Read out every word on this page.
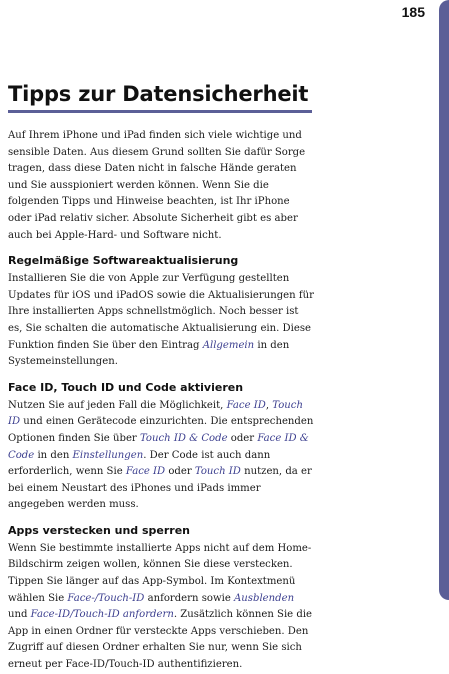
185
Tipps zur Datensicherheit

Auf Ihrem iPhone und iPad finden sich viele wichtige und sensible Daten. Aus diesem Grund sollten Sie dafür Sorge tragen, dass diese Daten nicht in falsche Hände geraten und Sie ausspioniert werden können. Wenn Sie die folgenden Tipps und Hinweise beachten, ist Ihr iPhone oder iPad relativ sicher. Absolute Sicherheit gibt es aber auch bei Apple-Hard- und Software nicht.

Regelmäßige Softwareaktualisierung

Installieren Sie die von Apple zur Verfügung gestellten Updates für iOS und iPadOS sowie die Aktualisierungen für Ihre installierten Apps schnellstmöglich. Noch besser ist es, Sie schalten die automatische Aktualisierung ein. Diese Funktion finden Sie über den Eintrag Allgemein in den Systemeinstellungen.

Face ID, Touch ID und Code aktivieren

Nutzen Sie auf jeden Fall die Möglichkeit, Face ID, Touch ID und einen Gerätecode einzurichten. Die entsprechenden Optionen finden Sie über Touch ID & Code oder Face ID & Code in den Einstellungen. Der Code ist auch dann erforderlich, wenn Sie Face ID oder Touch ID nutzen, da er bei einem Neustart des iPhones und iPads immer angegeben werden muss.

Apps verstecken und sperren

Wenn Sie bestimmte installierte Apps nicht auf dem Home-Bildschirm zeigen wollen, können Sie diese verstecken. Tippen Sie länger auf das App-Symbol. Im Kontextmenü wählen Sie Face-/Touch-ID anfordern sowie Ausblenden und Face-ID/Touch-ID anfordern. Zusätzlich können Sie die App in einen Ordner für versteckte Apps verschieben. Den Zugriff auf diesen Ordner erhalten Sie nur, wenn Sie sich erneut per Face-ID/Touch-ID authentifizieren.
